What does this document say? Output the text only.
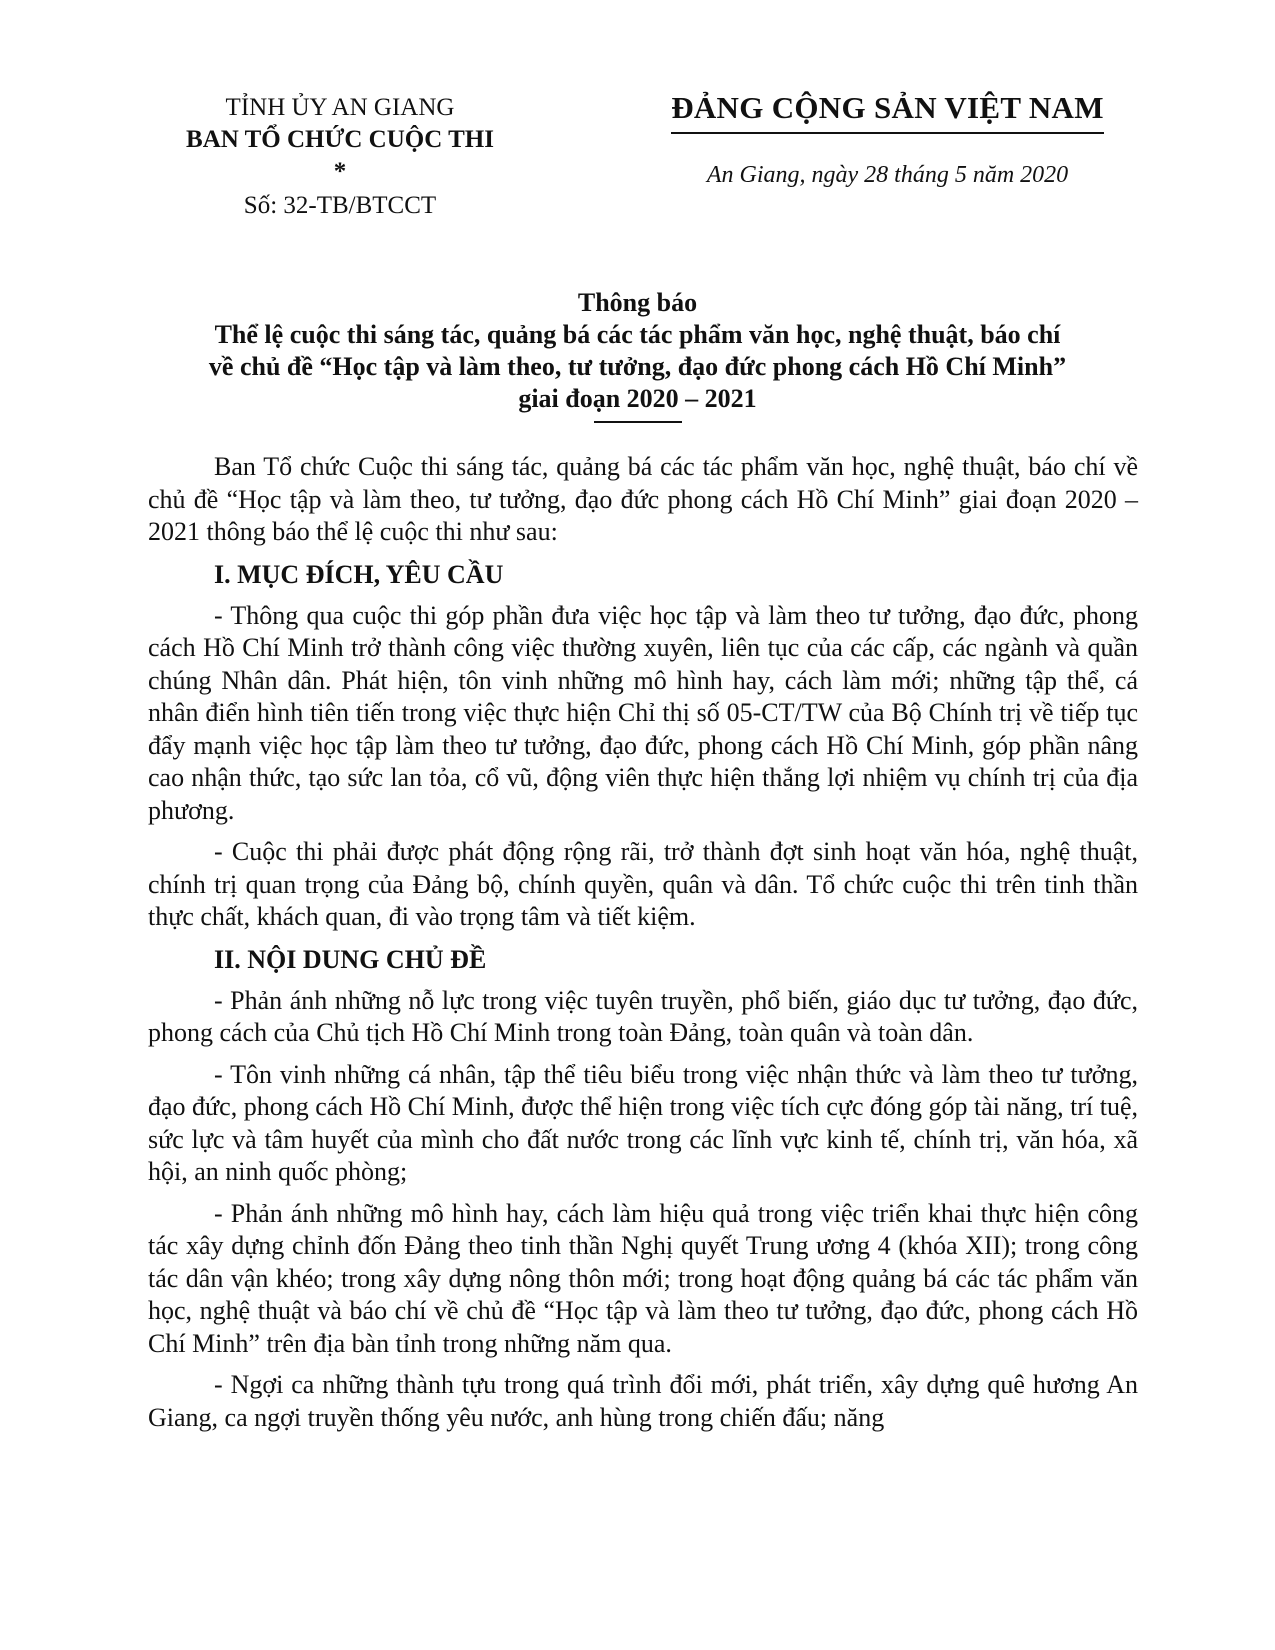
TỈNH ỦY AN GIANG
BAN TỔ CHỨC CUỘC THI
*
Số: 32-TB/BTCCT
ĐẢNG CỘNG SẢN VIỆT NAM
An Giang, ngày 28 tháng 5 năm 2020
Thông báo
Thể lệ cuộc thi sáng tác, quảng bá các tác phẩm văn học, nghệ thuật, báo chí
về chủ đề “Học tập và làm theo, tư tưởng, đạo đức phong cách Hồ Chí Minh”
giai đoạn 2020 – 2021

Ban Tổ chức Cuộc thi sáng tác, quảng bá các tác phẩm văn học, nghệ thuật, báo chí về chủ đề “Học tập và làm theo, tư tưởng, đạo đức phong cách Hồ Chí Minh” giai đoạn 2020 – 2021 thông báo thể lệ cuộc thi như sau:

I. MỤC ĐÍCH, YÊU CẦU

- Thông qua cuộc thi góp phần đưa việc học tập và làm theo tư tưởng, đạo đức, phong cách Hồ Chí Minh trở thành công việc thường xuyên, liên tục của các cấp, các ngành và quần chúng Nhân dân. Phát hiện, tôn vinh những mô hình hay, cách làm mới; những tập thể, cá nhân điển hình tiên tiến trong việc thực hiện Chỉ thị số 05-CT/TW của Bộ Chính trị về tiếp tục đẩy mạnh việc học tập làm theo tư tưởng, đạo đức, phong cách Hồ Chí Minh, góp phần nâng cao nhận thức, tạo sức lan tỏa, cổ vũ, động viên thực hiện thắng lợi nhiệm vụ chính trị của địa phương.

- Cuộc thi phải được phát động rộng rãi, trở thành đợt sinh hoạt văn hóa, nghệ thuật, chính trị quan trọng của Đảng bộ, chính quyền, quân và dân. Tổ chức cuộc thi trên tinh thần thực chất, khách quan, đi vào trọng tâm và tiết kiệm.

II. NỘI DUNG CHỦ ĐỀ

- Phản ánh những nỗ lực trong việc tuyên truyền, phổ biến, giáo dục tư tưởng, đạo đức, phong cách của Chủ tịch Hồ Chí Minh trong toàn Đảng, toàn quân và toàn dân.

- Tôn vinh những cá nhân, tập thể tiêu biểu trong việc nhận thức và làm theo tư tưởng, đạo đức, phong cách Hồ Chí Minh, được thể hiện trong việc tích cực đóng góp tài năng, trí tuệ, sức lực và tâm huyết của mình cho đất nước trong các lĩnh vực kinh tế, chính trị, văn hóa, xã hội, an ninh quốc phòng;

- Phản ánh những mô hình hay, cách làm hiệu quả trong việc triển khai thực hiện công tác xây dựng chỉnh đốn Đảng theo tinh thần Nghị quyết Trung ương 4 (khóa XII); trong công tác dân vận khéo; trong xây dựng nông thôn mới; trong hoạt động quảng bá các tác phẩm văn học, nghệ thuật và báo chí về chủ đề “Học tập và làm theo tư tưởng, đạo đức, phong cách Hồ Chí Minh” trên địa bàn tỉnh trong những năm qua.

- Ngợi ca những thành tựu trong quá trình đổi mới, phát triển, xây dựng quê hương An Giang, ca ngợi truyền thống yêu nước, anh hùng trong chiến đấu; năng
